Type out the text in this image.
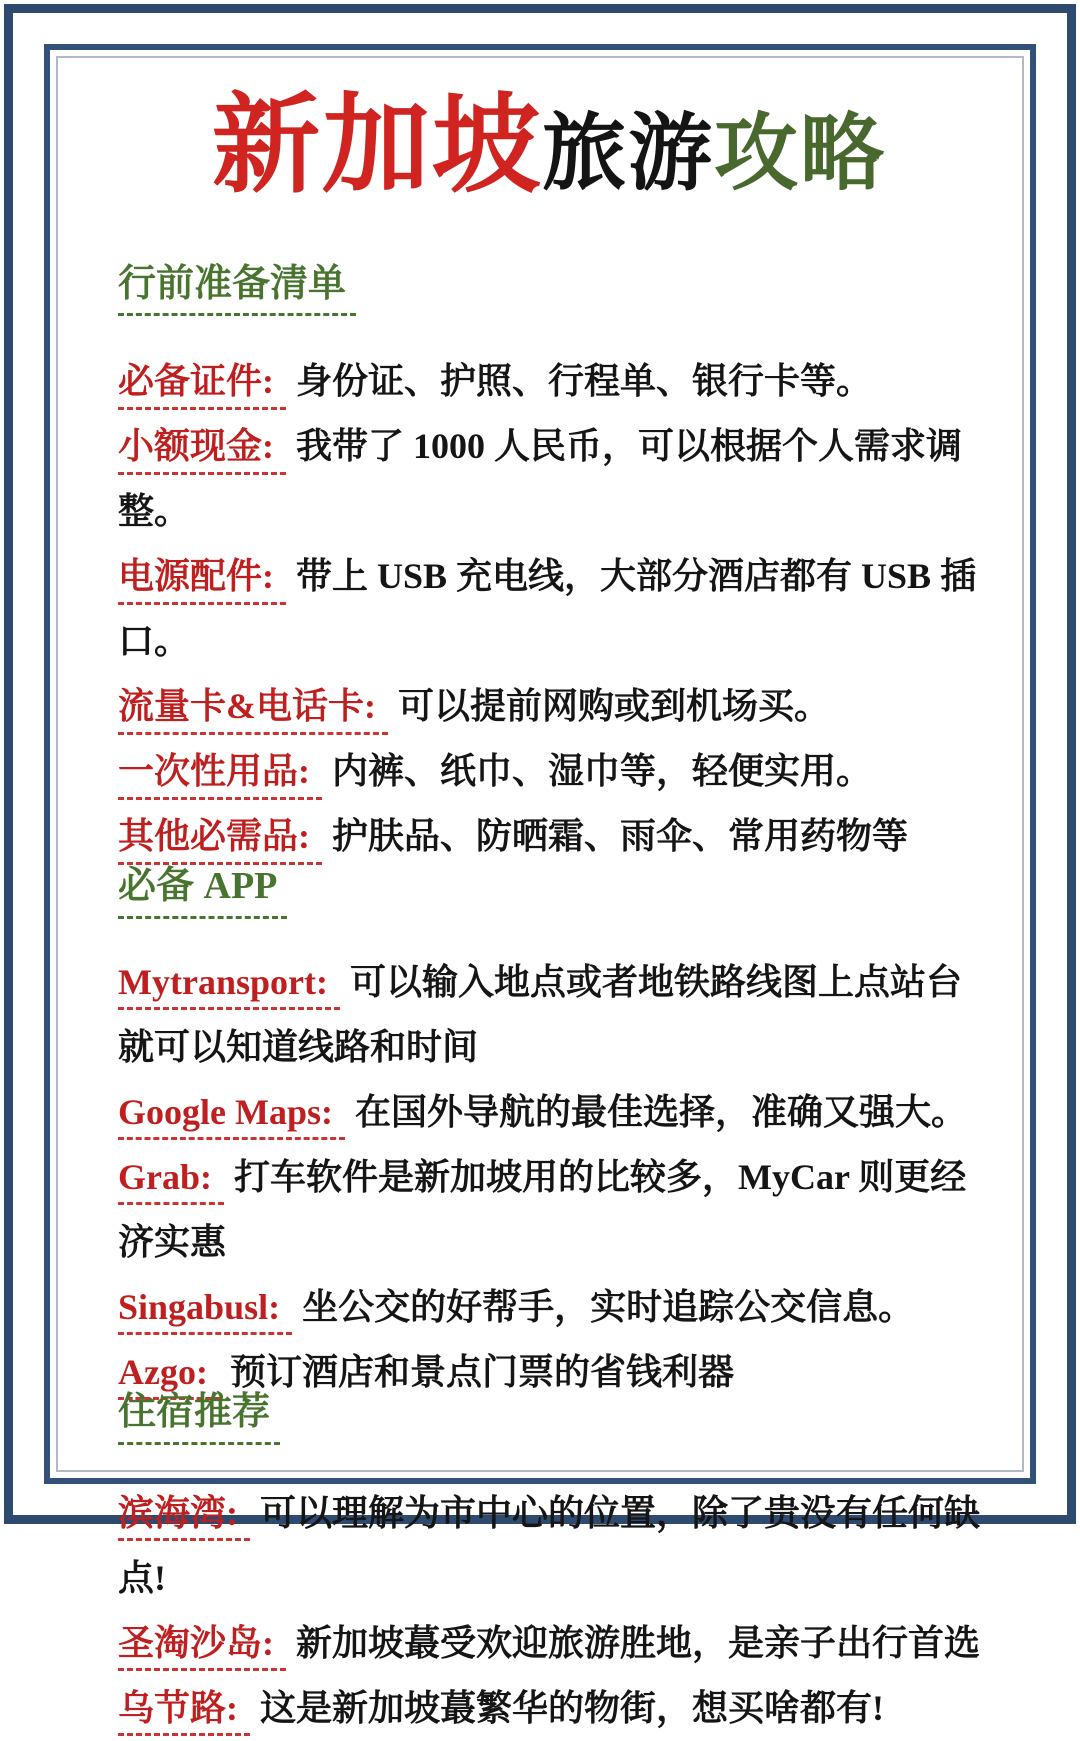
新加坡旅游攻略
行前准备清单

必备证件: 身份证、护照、行程单、银行卡等。

小额现金: 我带了 1000 人民币，可以根据个人需求调整。

电源配件: 带上 USB 充电线，大部分酒店都有 USB 插口。

流量卡&电话卡: 可以提前网购或到机场买。

一次性用品: 内裤、纸巾、湿巾等，轻便实用。

其他必需品: 护肤品、防晒霜、雨伞、常用药物等

必备 APP

Mytransport: 可以输入地点或者地铁路线图上点站台就可以知道线路和时间

Google Maps: 在国外导航的最佳选择，准确又强大。

Grab: 打车软件是新加坡用的比较多，MyCar 则更经济实惠

Singabusl: 坐公交的好帮手，实时追踪公交信息。

Azgo: 预订酒店和景点门票的省钱利器

住宿推荐

滨海湾: 可以理解为市中心的位置，除了贵没有任何缺点!

圣淘沙岛: 新加坡蕞受欢迎旅游胜地，是亲子出行首选

乌节路: 这是新加坡蕞繁华的物街，想买啥都有!
